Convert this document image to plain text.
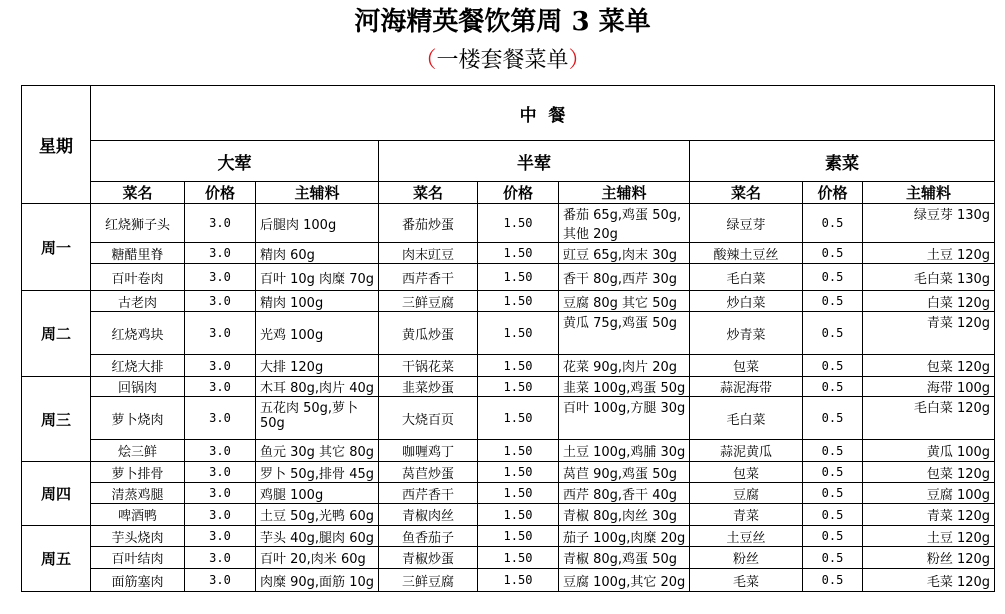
河海精英餐饮第周 3 菜单
（一楼套餐菜单）
星期	中  餐								
	大荤			半荤			素菜		
	菜名	价格	主辅料	菜名	价格	主辅料	菜名	价格	主辅料
周一	红烧狮子头	3.0	后腿肉 100g	番茄炒蛋	1.50	番茄 65g,鸡蛋 50g,
其他 20g	绿豆芽	0.5	绿豆芽 130g
	糖醋里脊	3.0	精肉 60g	肉末豇豆	1.50	豇豆 65g,肉末 30g	酸辣土豆丝	0.5	土豆 120g
	百叶卷肉	3.0	百叶 10g 肉糜 70g	西芹香干	1.50	香干 80g,西芹 30g	毛白菜	0.5	毛白菜 130g
周二	古老肉	3.0	精肉 100g	三鲜豆腐	1.50	豆腐 80g 其它 50g	炒白菜	0.5	白菜 120g
	红烧鸡块	3.0	光鸡 100g	黄瓜炒蛋	1.50	黄瓜 75g,鸡蛋 50g	炒青菜	0.5	青菜 120g
	红烧大排	3.0	大排 120g	干锅花菜	1.50	花菜 90g,肉片 20g	包菜	0.5	包菜 120g
周三	回锅肉	3.0	木耳 80g,肉片 40g	韭菜炒蛋	1.50	韭菜 100g,鸡蛋 50g	蒜泥海带	0.5	海带 100g
	萝卜烧肉	3.0	五花肉 50g,萝卜
50g	大烧百页	1.50	百叶 100g,方腿 30g	毛白菜	0.5	毛白菜 120g
	烩三鲜	3.0	鱼元 30g 其它 80g	咖喱鸡丁	1.50	土豆 100g,鸡脯 30g	蒜泥黄瓜	0.5	黄瓜 100g
周四	萝卜排骨	3.0	罗卜 50g,排骨 45g	莴苣炒蛋	1.50	莴苣 90g,鸡蛋 50g	包菜	0.5	包菜 120g
	清蒸鸡腿	3.0	鸡腿 100g	西芹香干	1.50	西芹 80g,香干 40g	豆腐	0.5	豆腐 100g
	啤酒鸭	3.0	土豆 50g,光鸭 60g	青椒肉丝	1.50	青椒 80g,肉丝 30g	青菜	0.5	青菜 120g
周五	芋头烧肉	3.0	芋头 40g,腿肉 60g	鱼香茄子	1.50	茄子 100g,肉糜 20g	土豆丝	0.5	土豆 120g
	百叶结肉	3.0	百叶 20,肉米 60g	青椒炒蛋	1.50	青椒 80g,鸡蛋 50g	粉丝	0.5	粉丝 120g
	面筋塞肉	3.0	肉糜 90g,面筋 10g	三鲜豆腐	1.50	豆腐 100g,其它 20g	毛菜	0.5	毛菜 120g
